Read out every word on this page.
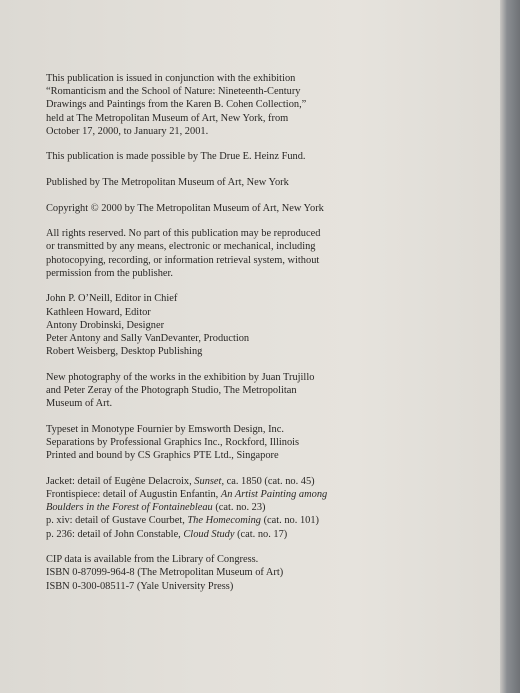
This publication is issued in conjunction with the exhibition
“Romanticism and the School of Nature: Nineteenth-Century
Drawings and Paintings from the Karen B. Cohen Collection,”
held at The Metropolitan Museum of Art, New York, from
October 17, 2000, to January 21, 2001.
This publication is made possible by The Drue E. Heinz Fund.
Published by The Metropolitan Museum of Art, New York
Copyright © 2000 by The Metropolitan Museum of Art, New York
All rights reserved. No part of this publication may be reproduced
or transmitted by any means, electronic or mechanical, including
photocopying, recording, or information retrieval system, without
permission from the publisher.
John P. O’Neill, Editor in Chief
Kathleen Howard, Editor
Antony Drobinski, Designer
Peter Antony and Sally VanDevanter, Production
Robert Weisberg, Desktop Publishing
New photography of the works in the exhibition by Juan Trujillo
and Peter Zeray of the Photograph Studio, The Metropolitan
Museum of Art.
Typeset in Monotype Fournier by Emsworth Design, Inc.
Separations by Professional Graphics Inc., Rockford, Illinois
Printed and bound by CS Graphics PTE Ltd., Singapore
Jacket: detail of Eugène Delacroix, Sunset, ca. 1850 (cat. no. 45)
Frontispiece: detail of Augustin Enfantin, An Artist Painting among
Boulders in the Forest of Fontainebleau (cat. no. 23)
p. xiv: detail of Gustave Courbet, The Homecoming (cat. no. 101)
p. 236: detail of John Constable, Cloud Study (cat. no. 17)
CIP data is available from the Library of Congress.
ISBN 0-87099-964-8 (The Metropolitan Museum of Art)
ISBN 0-300-08511-7 (Yale University Press)
